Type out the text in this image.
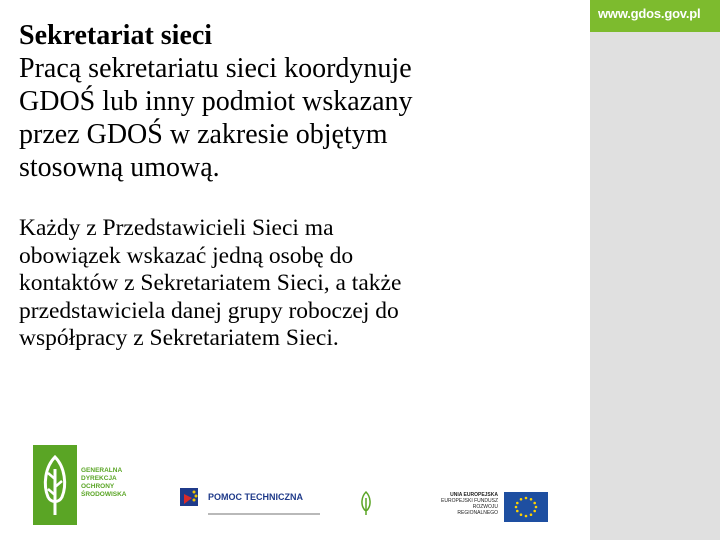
www.gdos.gov.pl

Sekretariat sieci

Pracą sekretariatu sieci koordynuje
GDOŚ lub inny podmiot wskazany
przez GDOŚ w zakresie objętym
stosowną umową.

Każdy z Przedstawicieli Sieci ma
obowiązek wskazać jedną osobę do
kontaktów z Sekretariatem Sieci, a także
przedstawiciela danej grupy roboczej do
współpracy z Sekretariatem Sieci.

GENERALNA
DYREKCJA
OCHRONY
ŚRODOWISKA	POMOC TECHNICZNA	UNIA EUROPEJSKA
EUROPEJSKI FUNDUSZ
ROZWOJU REGIONALNEGO
